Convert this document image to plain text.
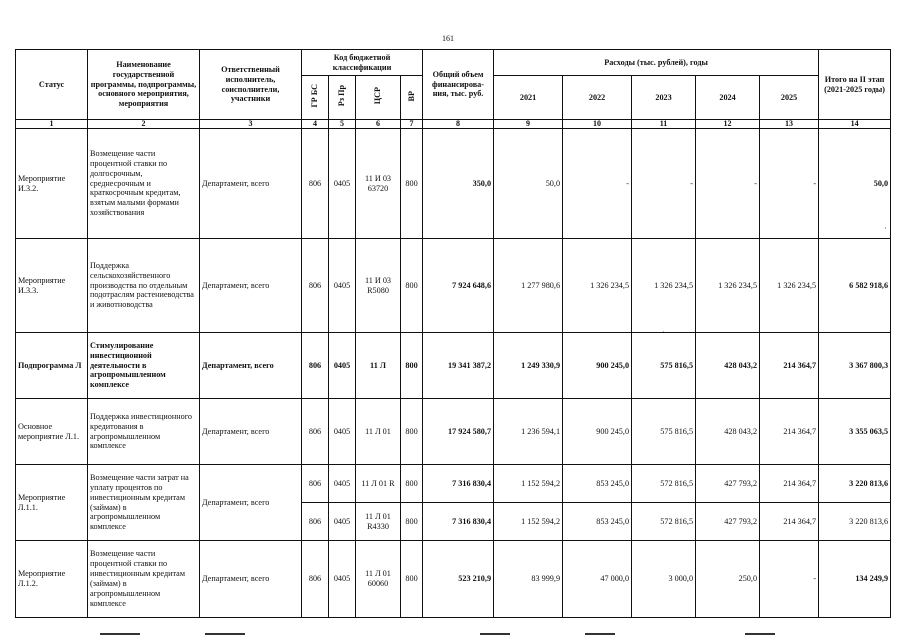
161
Статус	Наименование государственной программы, подпрограммы, основного мероприятия, мероприятия	Ответственный исполнитель, соисполнители, участники	Код бюджетной классификации				Общий объем финансирова-ния, тыс. руб.	Расходы (тыс. рублей), годы					Итого на II этап (2021-2025 годы)
			ГР БС	Рз Пр	ЦСР	ВР		2021	2022	2023	2024	2025	
1	2	3	4	5	6	7	8	9	10	11	12	13	14
Мероприятие И.3.2.	Возмещение части процентной ставки по долгосрочным, среднесрочным и краткосрочным кредитам, взятым малыми формами хозяйствования	Департамент, всего	806	0405	11 И 03 63720	800	350,0	50,0	-	-	-	-	50,0
Мероприятие И.3.3.	Поддержка сельскохозяйственного производства по отдельным подотраслям растениеводства и животноводства	Департамент, всего	806	0405	11 И 03 R5080	800	7 924 648,6	1 277 980,6	1 326 234,5	1 326 234,5	1 326 234,5	1 326 234,5	6 582 918,6
Подпрограмма Л	Стимулирование инвестиционной деятельности в агропромышленном комплексе	Департамент, всего	806	0405	11 Л	800	19 341 387,2	1 249 330,9	900 245,0	575 816,5	428 043,2	214 364,7	3 367 800,3
Основное мероприятие Л.1.	Поддержка инвестиционного кредитования в агропромышленном комплексе	Департамент, всего	806	0405	11 Л 01	800	17 924 580,7	1 236 594,1	900 245,0	575 816,5	428 043,2	214 364,7	3 355 063,5
Мероприятие Л.1.1.	Возмещение части затрат на уплату процентов по инвестиционным кредитам (займам) в агропромышленном комплексе	Департамент, всего	806	0405	11 Л 01 R	800	7 316 830,4	1 152 594,2	853 245,0	572 816,5	427 793,2	214 364,7	3 220 813,6
			806	0405	11 Л 01 R4330	800	7 316 830,4	1 152 594,2	853 245,0	572 816,5	427 793,2	214 364,7	3 220 813,6
Мероприятие Л.1.2.	Возмещение части процентной ставки по инвестиционным кредитам (займам) в агропромышленном комплексе	Департамент, всего	806	0405	11 Л 01 60060	800	523 210,9	83 999,9	47 000,0	3 000,0	250,0	-	134 249,9
·
·
